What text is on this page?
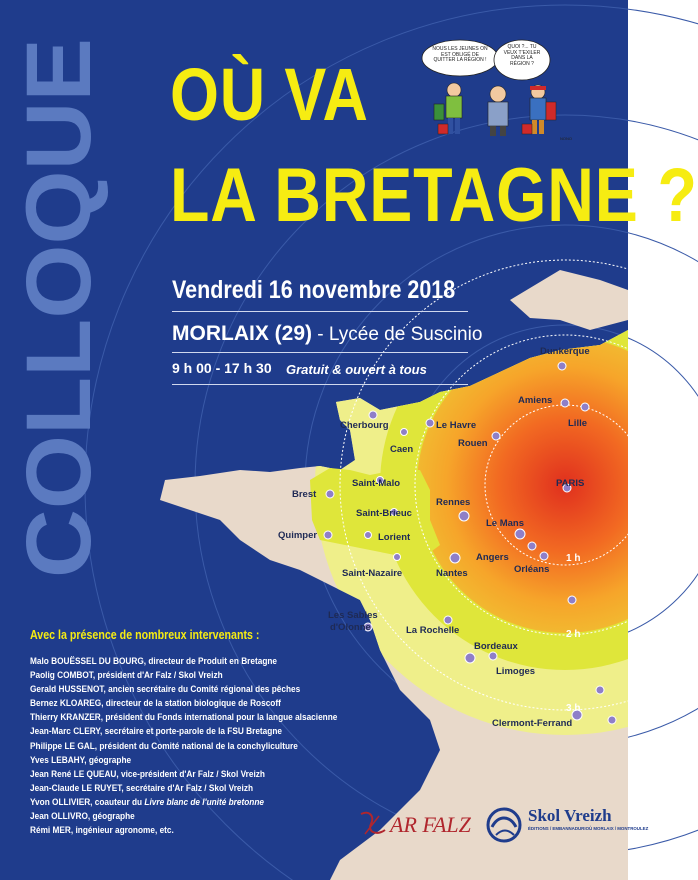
Dunkerque
Amiens
Lille
Cherbourg	Le Havre
Caen
Rouen
PARIS
Saint-Malo
Brest
Saint-Brieuc
Rennes
Quimper	Lorient
Le Mans
Angers
Orléans
Saint-Nazaire	Nantes
Les Sables
d'Olonne	La Rochelle
Bordeaux
Limoges
Clermont-Ferrand
1 h
2 h
3 h
COLLOQUE OÙ VA
LA BRETAGNE ?
NOUS LES JEUNES ON EST OBLIGÉ DE QUITTER LA RÉGION !
QUOI ?... TU VEUX T'EXILER DANS LA RÉGION ?
NONO
Vendredi 16 novembre 2018
MORLAIX (29) - Lycée de Suscinio
9 h 00 - 17 h 30 Gratuit & ouvert à tous
Avec la présence de nombreux intervenants :
Malo BOUËSSEL DU BOURG, directeur de Produit en Bretagne
Paolig COMBOT, président d'Ar Falz / Skol Vreizh
Gerald HUSSENOT, ancien secrétaire du Comité régional des pêches
Bernez KLOAREG, directeur de la station biologique de Roscoff
Thierry KRANZER, président du Fonds international pour la langue alsacienne
Jean-Marc CLERY, secrétaire et porte-parole de la FSU Bretagne
Philippe LE GAL, président du Comité national de la conchyliculture
Yves LEBAHY, géographe
Jean René LE QUEAU, vice-président d'Ar Falz / Skol Vreizh
Jean-Claude LE RUYET, secrétaire d'Ar Falz / Skol Vreizh
Yvon OLLIVIER, coauteur du Livre blanc de l'unité bretonne
Jean OLLIVRO, géographe
Rémi MER, ingénieur agronome, etc.	AR FALZ	Skol Vreizh
ÉDITIONS / EMBANNADURIOÙ MORLAIX / MONTROULEZ
